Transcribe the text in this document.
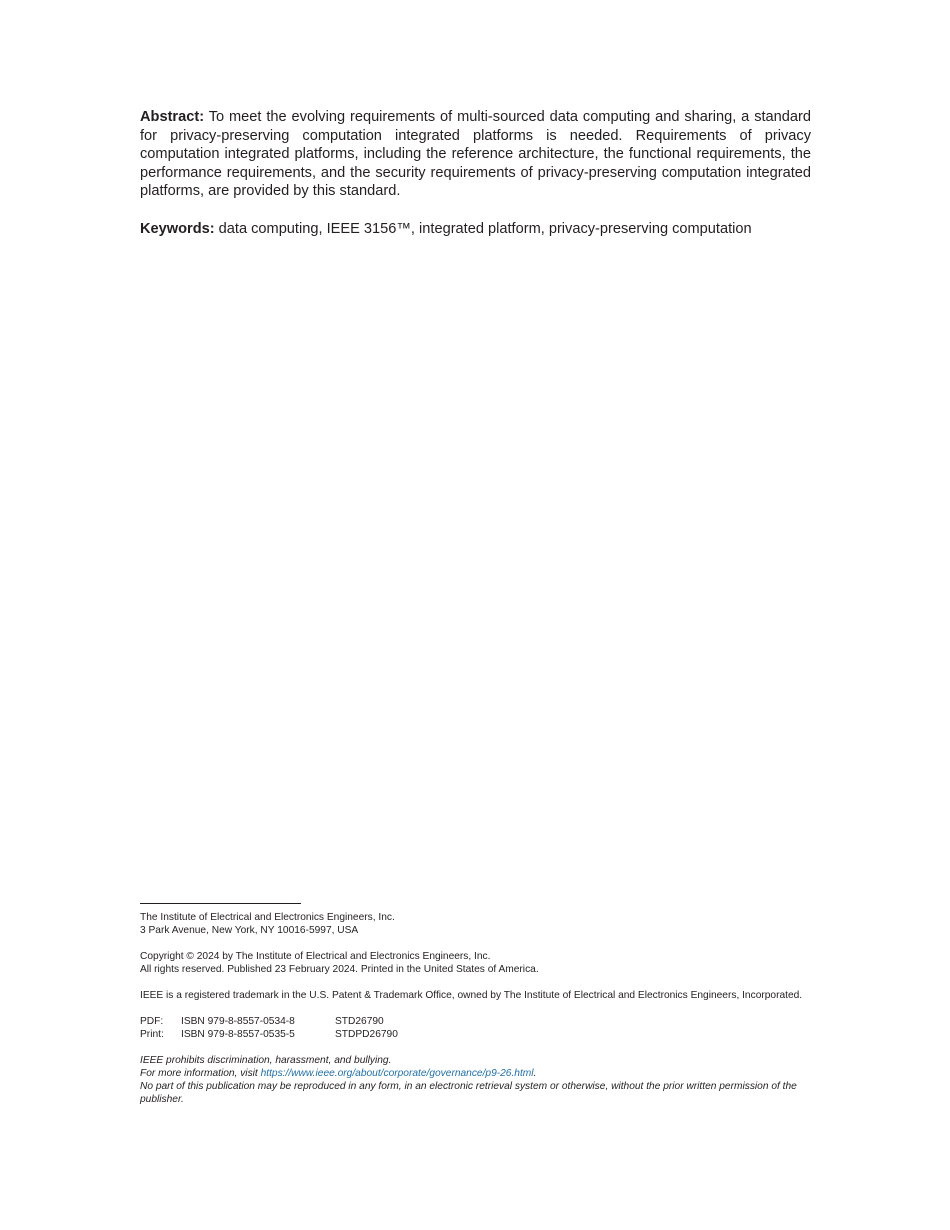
Abstract: To meet the evolving requirements of multi-sourced data computing and sharing, a standard for privacy-preserving computation integrated platforms is needed. Requirements of privacy computation integrated platforms, including the reference architecture, the functional requirements, the performance requirements, and the security requirements of privacy-preserving computation integrated platforms, are provided by this standard.

Keywords: data computing, IEEE 3156™, integrated platform, privacy-preserving computation

The Institute of Electrical and Electronics Engineers, Inc.
3 Park Avenue, New York, NY 10016-5997, USA
Copyright © 2024 by The Institute of Electrical and Electronics Engineers, Inc.
All rights reserved. Published 23 February 2024. Printed in the United States of America.
IEEE is a registered trademark in the U.S. Patent & Trademark Office, owned by The Institute of Electrical and Electronics Engineers, Incorporated.
PDF:	ISBN 979-8-8557-0534-8	STD26790
Print:	ISBN 979-8-8557-0535-5	STDPD26790
IEEE prohibits discrimination, harassment, and bullying.
For more information, visit https://www.ieee.org/about/corporate/governance/p9-26.html.
No part of this publication may be reproduced in any form, in an electronic retrieval system or otherwise, without the prior written permission of the publisher.
